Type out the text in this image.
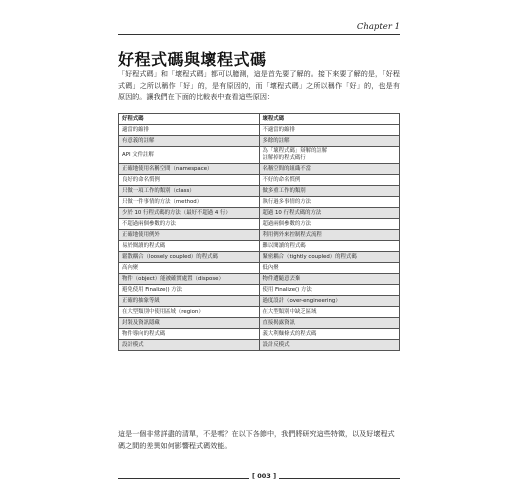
Chapter 1
好程式碼與壞程式碼

「好程式碼」和「壞程式碼」都可以臆測，這是首先要了解的。接下來要了解的是，「好程式碼」之所以稱作「好」的，是有原因的，而「壞程式碼」之所以稱作「好」的，也是有原因的。讓我們在下面的比較表中查看這些原因：

好程式碼	壞程式碼
適當的縮排	不適當的縮排
有意義的註解	多餘的註解
API 文件註解	為「壞程式碼」辯解的註解
註解掉的程式碼行
正確地使用名稱空間（namespace）	名稱空間的組織不當
良好的命名慣例	不好的命名慣例
只做一項工作的類別（class）	做多重工作的類別
只做一件事情的方法（method）	執行過多事情的方法
少於 10 行程式碼的方法（最好不超過 4 行）	超過 10 行程式碼的方法
不超過兩個參數的方法	超過兩個參數的方法
正確地使用例外	利用例外來控制程式流程
易於閱讀的程式碼	難以閱讀的程式碼
鬆散耦合（loosely coupled）的程式碼	緊密耦合（tightly coupled）的程式碼
高內聚	低內聚
物件（object）能被確實處置（dispose）	物件遭隨意丟棄
避免使用 Finalize() 方法	使用 Finalize() 方法
正確的抽象等級	過度設計（over-engineering）
在大型類別中使用區域（region）	在大型類別中缺乏區域
封裝及資訊隱藏	直接揭露資訊
物件導向的程式碼	義大利麵條式的程式碼
設計模式	設計反模式

這是一個非常詳盡的清單，不是嗎？在以下各節中，我們將研究這些特徵，以及好壞程式碼之間的差異如何影響程式碼效能。

[ 003 ]
